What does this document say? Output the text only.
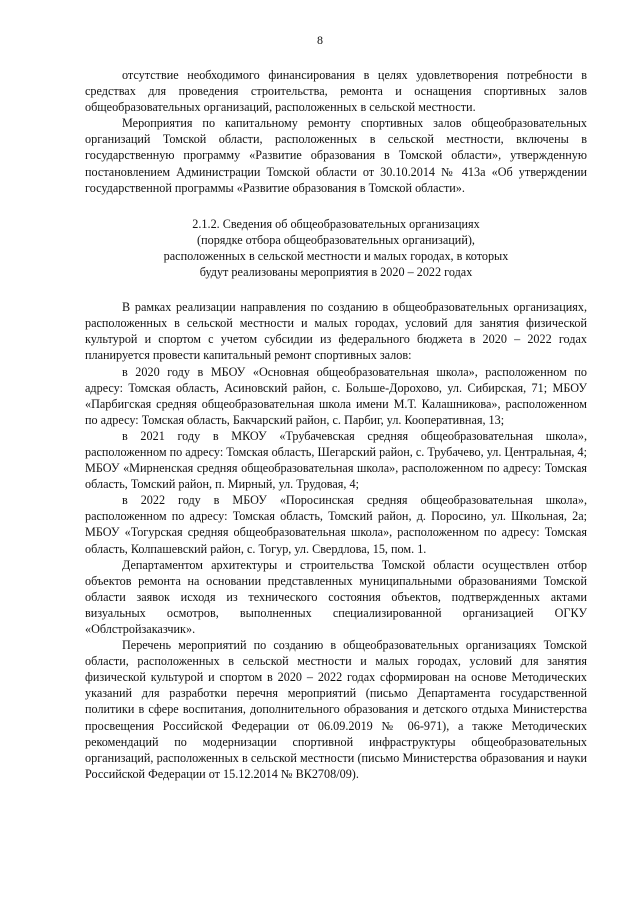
8

отсутствие необходимого финансирования в целях удовлетворения потребности в средствах для проведения строительства, ремонта и оснащения спортивных залов общеобразовательных организаций, расположенных в сельской местности.

Мероприятия по капитальному ремонту спортивных залов общеобразовательных организаций Томской области, расположенных в сельской местности, включены в государственную программу «Развитие образования в Томской области», утвержденную постановлением Администрации Томской области от 30.10.2014 № 413а «Об утверждении государственной программы «Развитие образования в Томской области».

2.1.2. Сведения об общеобразовательных организациях
(порядке отбора общеобразовательных организаций),
расположенных в сельской местности и малых городах, в которых
будут реализованы мероприятия в 2020 – 2022 годах

В рамках реализации направления по созданию в общеобразовательных организациях, расположенных в сельской местности и малых городах, условий для занятия физической культурой и спортом с учетом субсидии из федерального бюджета в 2020 – 2022 годах планируется провести капитальный ремонт спортивных залов:

в 2020 году в МБОУ «Основная общеобразовательная школа», расположенном по адресу: Томская область, Асиновский район, с. Больше-Дорохово, ул. Сибирская, 71; МБОУ «Парбигская средняя общеобразовательная школа имени М.Т. Калашникова», расположенном по адресу: Томская область, Бакчарский район, с. Парбиг, ул. Кооперативная, 13;

в 2021 году в МКОУ «Трубачевская средняя общеобразовательная школа», расположенном по адресу: Томская область, Шегарский район, с. Трубачево, ул. Центральная, 4; МБОУ «Мирненская средняя общеобразовательная школа», расположенном по адресу: Томская область, Томский район, п. Мирный, ул. Трудовая, 4;

в 2022 году в МБОУ «Поросинская средняя общеобразовательная школа», расположенном по адресу: Томская область, Томский район, д. Поросино, ул. Школьная, 2а; МБОУ «Тогурская средняя общеобразовательная школа», расположенном по адресу: Томская область, Колпашевский район, с. Тогур, ул. Свердлова, 15, пом. 1.

Департаментом архитектуры и строительства Томской области осуществлен отбор объектов ремонта на основании представленных муниципальными образованиями Томской области заявок исходя из технического состояния объектов, подтвержденных актами визуальных осмотров, выполненных специализированной организацией ОГКУ «Облстройзаказчик».

Перечень мероприятий по созданию в общеобразовательных организациях Томской области, расположенных в сельской местности и малых городах, условий для занятия физической культурой и спортом в 2020 – 2022 годах сформирован на основе Методических указаний для разработки перечня мероприятий (письмо Департамента государственной политики в сфере воспитания, дополнительного образования и детского отдыха Министерства просвещения Российской Федерации от 06.09.2019 № 06-971), а также Методических рекомендаций по модернизации спортивной инфраструктуры общеобразовательных организаций, расположенных в сельской местности (письмо Министерства образования и науки Российской Федерации от 15.12.2014 № ВК2708/09).
